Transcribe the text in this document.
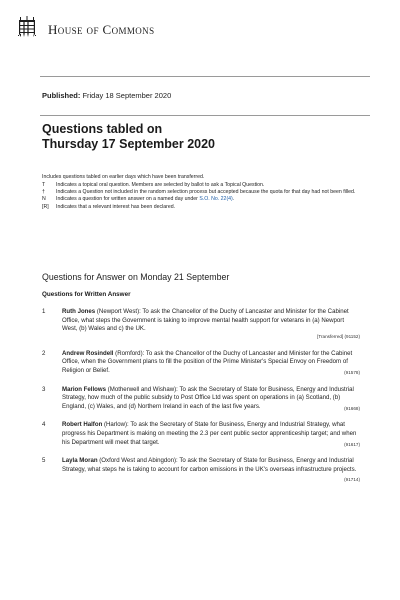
House of Commons
Published: Friday 18 September 2020
Questions tabled on
Thursday 17 September 2020
Includes questions tabled on earlier days which have been transferred.
T	Indicates a topical oral question. Members are selected by ballot to ask a Topical Question.
†	Indicates a Question not included in the random selection process but accepted because the quota for that day had not been filled.
N	Indicates a question for written answer on a named day under S.O. No. 22(4).
[R]	Indicates that a relevant interest has been declared.
Questions for Answer on Monday 21 September
Questions for Written Answer
1	Ruth Jones (Newport West): To ask the Chancellor of the Duchy of Lancaster and Minister for the Cabinet Office, what steps the Government is taking to improve mental health support for veterans in (a) Newport West, (b) Wales and c) the UK.
[Transferred] (91152)
2	Andrew Rosindell (Romford): To ask the Chancellor of the Duchy of Lancaster and Minister for the Cabinet Office, when the Government plans to fill the position of the Prime Minister's Special Envoy on Freedom of Religion or Belief.	(91578)
3	Marion Fellows (Motherwell and Wishaw): To ask the Secretary of State for Business, Energy and Industrial Strategy, how much of the public subsidy to Post Office Ltd was spent on operations in (a) Scotland, (b) England, (c) Wales, and (d) Northern Ireland in each of the last five years.	(91668)
4	Robert Halfon (Harlow): To ask the Secretary of State for Business, Energy and Industrial Strategy, what progress his Department is making on meeting the 2.3 per cent public sector apprenticeship target; and when his Department will meet that target.	(91617)
5	Layla Moran (Oxford West and Abingdon): To ask the Secretary of State for Business, Energy and Industrial Strategy, what steps he is taking to account for carbon emissions in the UK's overseas infrastructure projects.
(91714)
